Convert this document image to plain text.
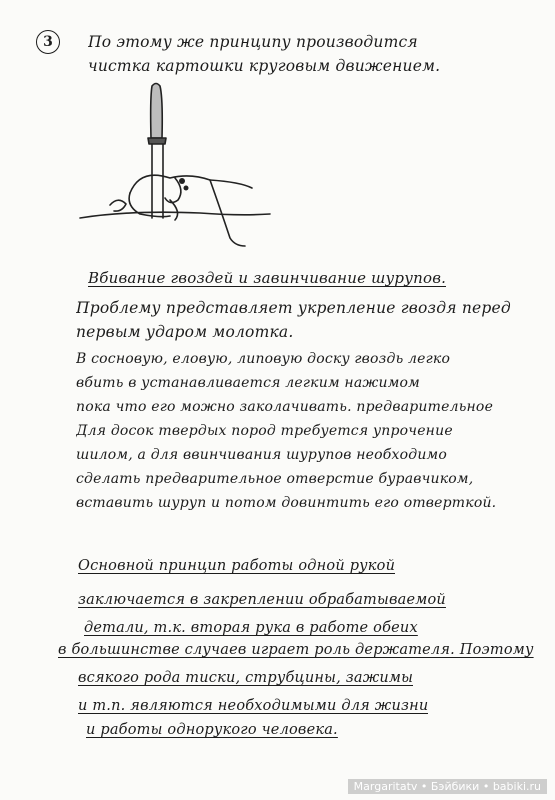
3	По этому же принципу производится
чистка картошки круговым движением.
Вбивание гвоздей и завинчивание шурупов.
Проблему представляет укрепление гвоздя перед
первым ударом молотка.
В сосновую, еловую, липовую доску гвоздь легко
вбить в устанавливается легким нажимом
пока что его можно заколачивать. предварительное
Для досок твердых пород требуется упрочение
шилом, а для ввинчивания шурупов необходимо
сделать предварительное отверстие буравчиком,
вставить шуруп и потом довинтить его отверткой.
Основной принцип работы одной рукой
заключается в закреплении обрабатываемой
детали, т.к. вторая рука в работе обеих
в большинстве случаев играет роль держателя. Поэтому
всякого рода тиски, струбцины, зажимы
и т.п. являются необходимыми для жизни
и работы однорукого человека.
Margaritatv • Бэйбики • babiki.ru
